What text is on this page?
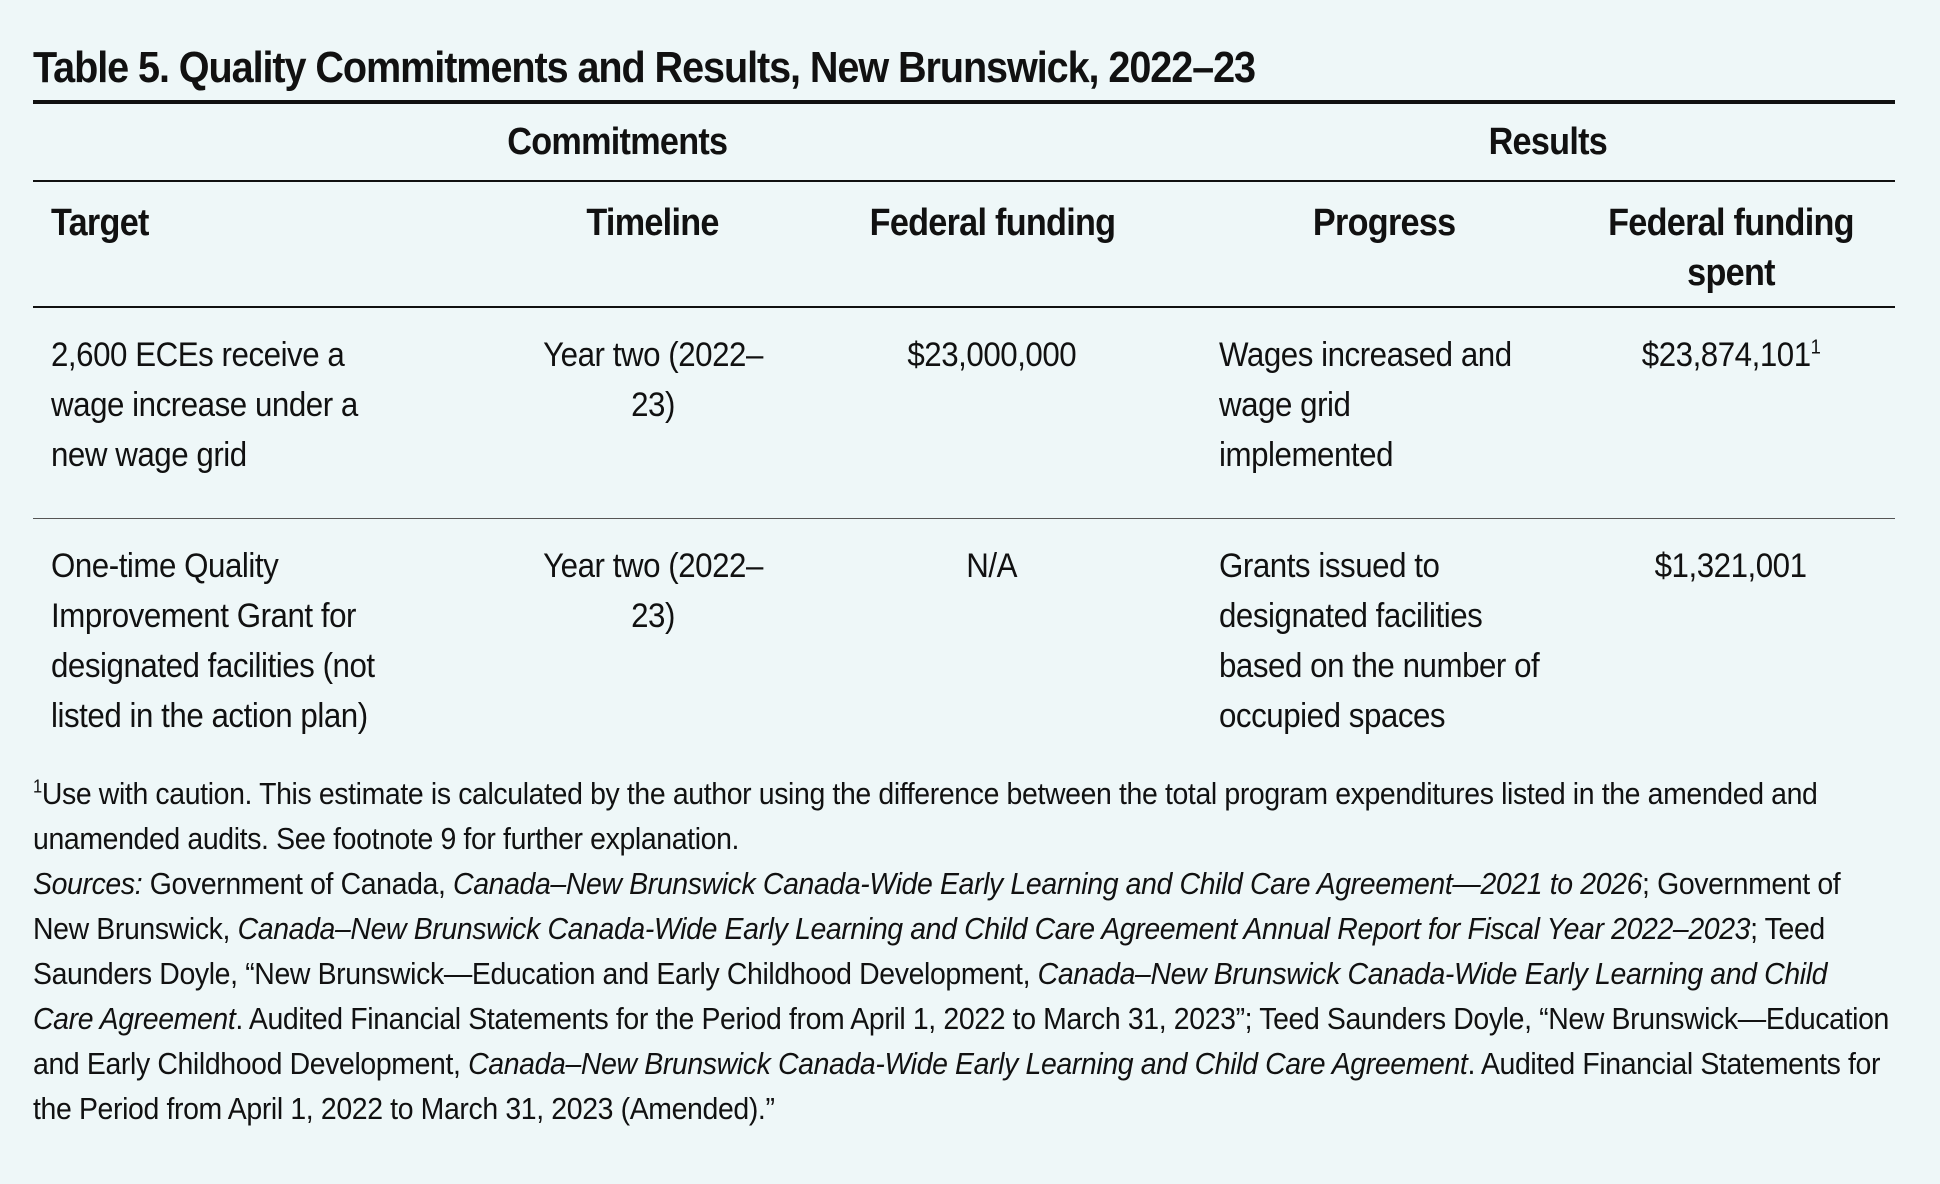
Table 5. Quality Commitments and Results, New Brunswick, 2022–23
Commitments			Results	
Target	Timeline	Federal funding	Progress	Federal funding spent
2,600 ECEs receive a wage increase under a new wage grid	Year two (2022–23)	$23,000,000	Wages increased and wage grid implemented	$23,874,101$^1$
One-time Quality Improvement Grant for designated facilities (not listed in the action plan)	Year two (2022–23)	N/A	Grants issued to designated facilities based on the number of occupied spaces	$1,321,001

$^1$Use with caution. This estimate is calculated by the author using the difference between the total program expenditures listed in the amended and unamended audits. See footnote 9 for further explanation.

Sources: Government of Canada, Canada–New Brunswick Canada-Wide Early Learning and Child Care Agreement—2021 to 2026; Government of New Brunswick, Canada–New Brunswick Canada-Wide Early Learning and Child Care Agreement Annual Report for Fiscal Year 2022–2023; Teed Saunders Doyle, “New Brunswick—Education and Early Childhood Development, Canada–New Brunswick Canada-Wide Early Learning and Child Care Agreement. Audited Financial Statements for the Period from April 1, 2022 to March 31, 2023”; Teed Saunders Doyle, “New Brunswick—Education and Early Childhood Development, Canada–New Brunswick Canada-Wide Early Learning and Child Care Agreement. Audited Financial Statements for the Period from April 1, 2022 to March 31, 2023 (Amended).”
